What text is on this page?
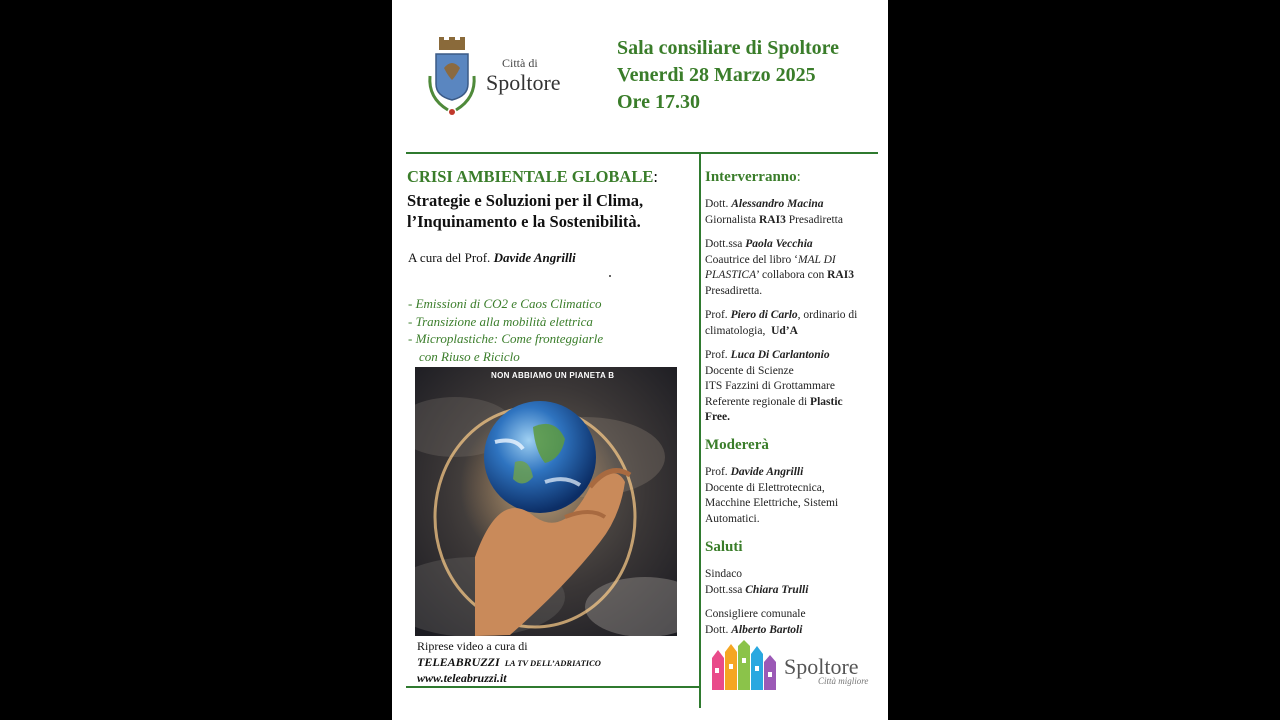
Città di
Spoltore
Sala consiliare di Spoltore
Venerdì 28 Marzo 2025
Ore 17.30
CRISI AMBIENTALE GLOBALE:
Strategie e Soluzioni per il Clima,
l’Inquinamento e la Sostenibilità.
A cura del Prof. Davide Angrilli
- Emissioni di CO2 e Caos Climatico
- Transizione alla mobilità elettrica
- Microplastiche: Come fronteggiarle
con Riuso e Riciclo
NON ABBIAMO UN PIANETA B
Riprese video a cura di
TELEABRUZZI LA TV DELL’ADRIATICO
www.teleabruzzi.it
Interverranno:
Dott. Alessandro Macina
Giornalista RAI3 Presadiretta
Dott.ssa Paola Vecchia
Coautrice del libro ‘MAL DI
PLASTICA’ collabora con RAI3
Presadiretta.
Prof. Piero di Carlo, ordinario di
climatologia, Ud’A
Prof. Luca Di Carlantonio
Docente di Scienze
ITS Fazzini di Grottammare
Referente regionale di Plastic
Free.
Modererà
Prof. Davide Angrilli
Docente di Elettrotecnica,
Macchine Elettriche, Sistemi
Automatici.
Saluti
Sindaco
Dott.ssa Chiara Trulli
Consigliere comunale
Dott. Alberto Bartoli
Spoltore
Città migliore
